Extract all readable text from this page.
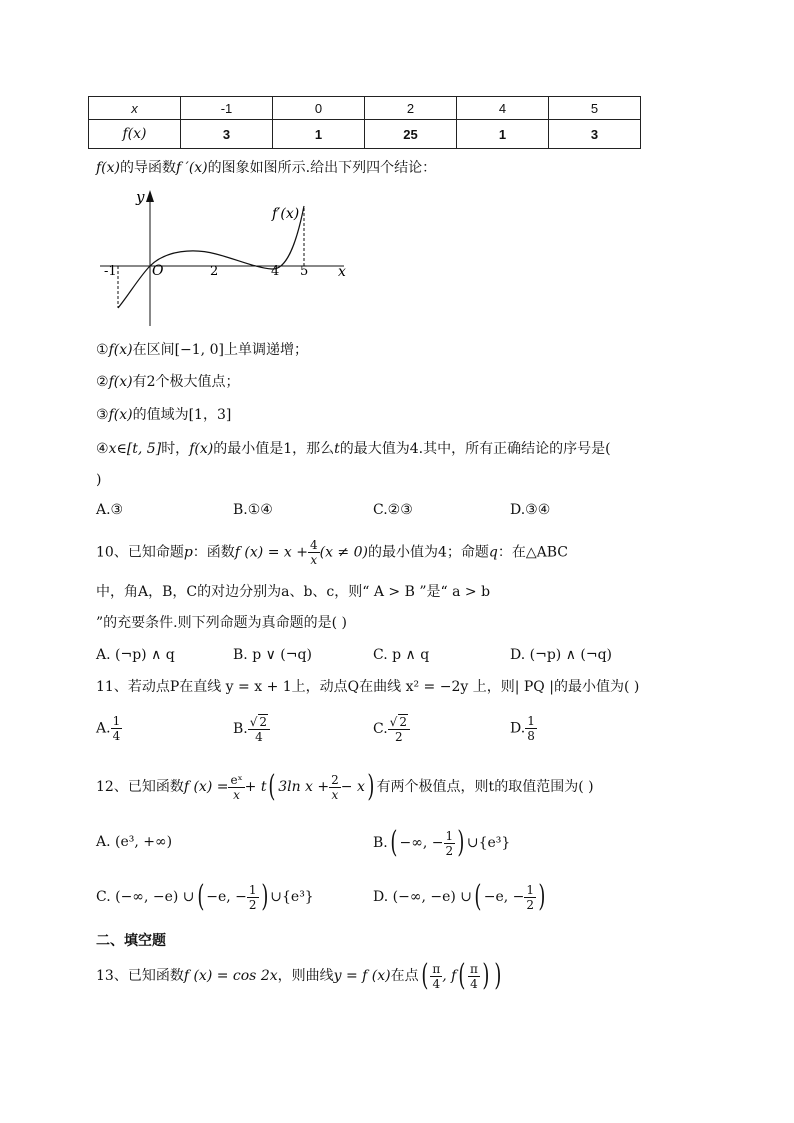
x	-1	0	2	4	5
f(x)	3	1	25	1	3
f(x)的导函数f ′(x)的图象如图所示.给出下列四个结论：
y
x
O
f′(x)
-1	2	4 5
①f(x)在区间[−1, 0]上单调递增；
②f(x)有2个极大值点；
③f(x)的值域为[1，3]
④x∈[t, 5]时，f(x)的最小值是1，那么t的最大值为4.其中，所有正确结论的序号是(
)
A.③	B.①④	C.②③	D.③④
10、已知命题p：函数f $(x) = x + \frac{4}{x} (x \ne 0)$的最小值为4；命题q：在△ABC
中，角A，B，C的对边分别为a、b、c，则“ A > B ”是“ a > b
”的充要条件.则下列命题为真命题的是( )
A. (¬p) ∧ q	B. p ∨ (¬q)	C. p ∧ q	D. (¬p) ∧ (¬q)
11、若动点P在直线 y = x + 1上，动点Q在曲线 x² = −2y 上，则| PQ |的最小值为( )
A. $\frac{1}{4}$	B. $\frac{√ 2}{4}$	C. $\frac{√ 2}{2}$	D. $\frac{1}{8}$
12、已知函数f $(x) = \frac{\text{eˣ}}{x} + t$( 3ln $x + \frac{2}{x} - x$) 有两个极值点，则t的取值范围为( )
A. (e³, +∞)	B.( −∞, − $\frac{1}{2}$ ) ∪{e³}
C. (−∞, −e) ∪( −e, − $\frac{1}{2}$ ) ∪{e³}	D. (−∞, −e) ∪( −e, − $\frac{1}{2}$ )
二、填空题
13、已知函数f (x) = cos 2x，则曲线y = f (x)在点( $\frac{\pi}{4}$ , $f( \frac{\pi}{4}$ ) )
